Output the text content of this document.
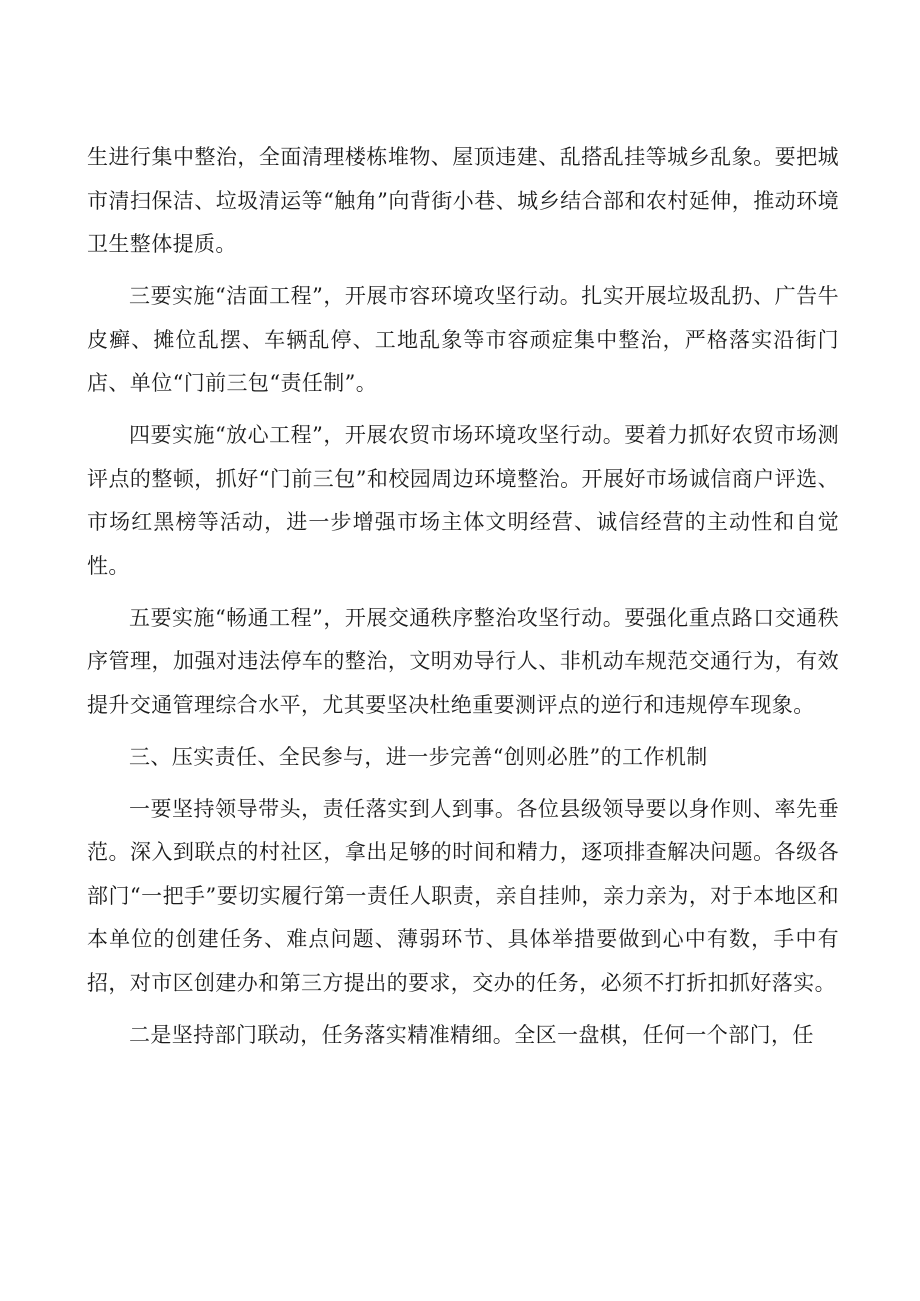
生进行集中整治，全面清理楼栋堆物、屋顶违建、乱搭乱挂等城乡乱象。要把城市清扫保洁、垃圾清运等“触角”向背街小巷、城乡结合部和农村延伸，推动环境卫生整体提质。

三要实施“洁面工程”，开展市容环境攻坚行动。扎实开展垃圾乱扔、广告牛皮癣、摊位乱摆、车辆乱停、工地乱象等市容顽症集中整治，严格落实沿街门店、单位“门前三包“责任制”。

四要实施“放心工程”，开展农贸市场环境攻坚行动。要着力抓好农贸市场测评点的整顿，抓好“门前三包”和校园周边环境整治。开展好市场诚信商户评选、市场红黑榜等活动，进一步增强市场主体文明经营、诚信经营的主动性和自觉性。

五要实施“畅通工程”，开展交通秩序整治攻坚行动。要强化重点路口交通秩序管理，加强对违法停车的整治，文明劝导行人、非机动车规范交通行为，有效提升交通管理综合水平，尤其要坚决杜绝重要测评点的逆行和违规停车现象。

三、压实责任、全民参与，进一步完善“创则必胜”的工作机制

一要坚持领导带头，责任落实到人到事。各位县级领导要以身作则、率先垂范。深入到联点的村社区，拿出足够的时间和精力，逐项排查解决问题。各级各部门“一把手”要切实履行第一责任人职责，亲自挂帅，亲力亲为，对于本地区和本单位的创建任务、难点问题、薄弱环节、具体举措要做到心中有数，手中有招，对市区创建办和第三方提出的要求，交办的任务，必须不打折扣抓好落实。

二是坚持部门联动，任务落实精准精细。全区一盘棋，任何一个部门，任
